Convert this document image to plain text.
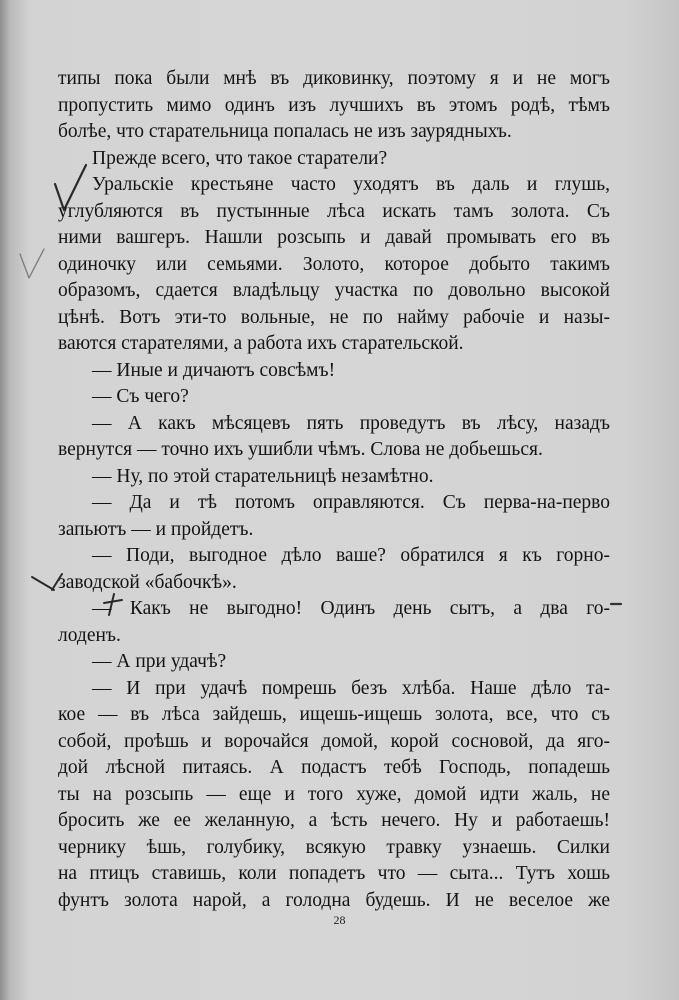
типы пока были мнѣ въ диковинку, поэтому я и не могъ
пропустить мимо одинъ изъ лучшихъ въ этомъ родѣ, тѣмъ
болѣе, что старательница попалась не изъ заурядныхъ.
Прежде всего, что такое старатели?
Уральскіе крестьяне часто уходятъ въ даль и глушь,
углубляются въ пустынные лѣса искать тамъ золота. Съ
ними вашгеръ. Нашли розсыпь и давай промывать его въ
одиночку или семьями. Золото, которое добыто такимъ
образомъ, сдается владѣльцу участка по довольно высокой
цѣнѣ. Вотъ эти-то вольные, не по найму рабочіе и назы-
ваются старателями, а работа ихъ старательской.
— Иные и дичаютъ совсѣмъ!
— Съ чего?
— А какъ мѣсяцевъ пять проведутъ въ лѣсу, назадъ
вернутся — точно ихъ ушибли чѣмъ. Слова не добьешься.
— Ну, по этой старательницѣ незамѣтно.
— Да и тѣ потомъ оправляются. Съ перва-на-перво
запьютъ — и пройдетъ.
— Поди, выгодное дѣло ваше? обратился я къ горно-
заводской «бабочкѣ».
— Какъ не выгодно! Одинъ день сытъ, а два го-
лоденъ.
— А при удачѣ?
— И при удачѣ помрешь безъ хлѣба. Наше дѣло та-
кое — въ лѣса зайдешь, ищешь-ищешь золота, все, что съ
собой, проѣшь и ворочайся домой, корой сосновой, да яго-
дой лѣсной питаясь. А подастъ тебѣ Господь, попадешь
ты на розсыпь — еще и того хуже, домой идти жаль, не
бросить же ее желанную, а ѣсть нечего. Ну и работаешь!
чернику ѣшь, голубику, всякую травку узнаешь. Силки
на птицъ ставишь, коли попадетъ что — сыта... Тутъ хошь
фунтъ золота нарой, а голодна будешь. И не веселое же
28
